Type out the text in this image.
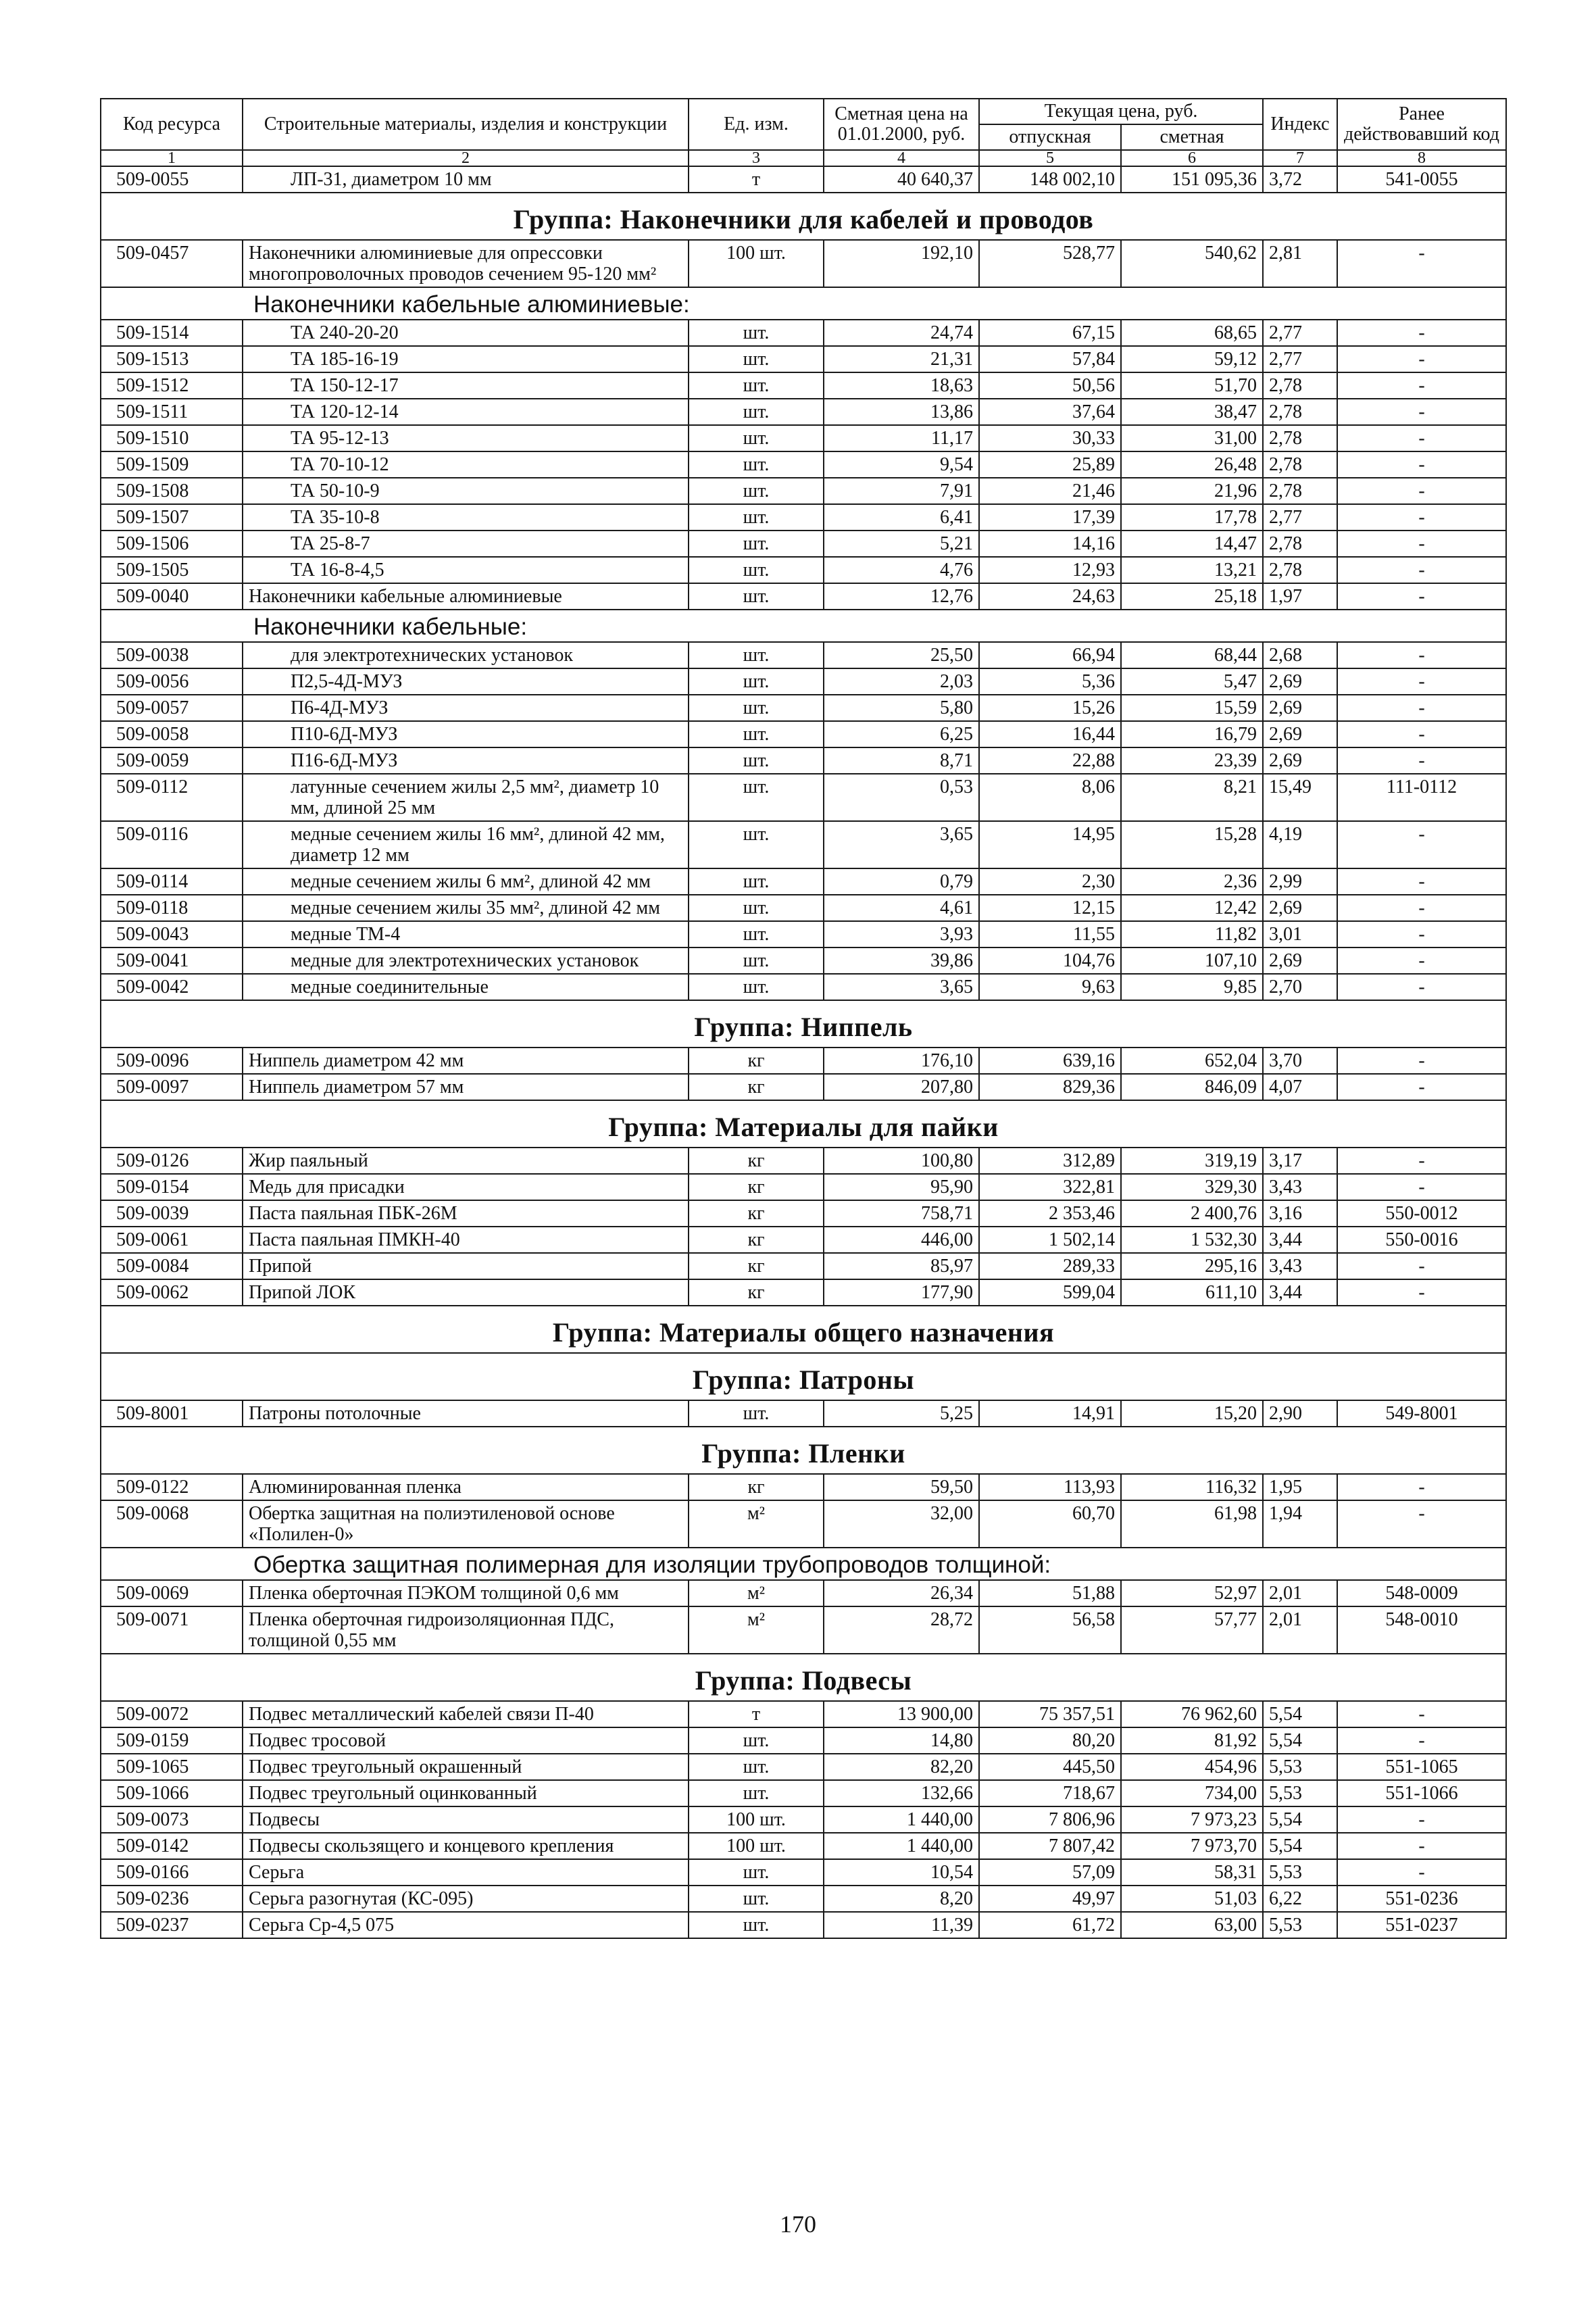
Код ресурса	Строительные материалы, изделия и конструкции	Ед. изм.	Сметная цена на 01.01.2000, руб.	Текущая цена, руб.		Индекс	Ранее действовавший код
				отпускная	сметная		
1	2	3	4	5	6	7	8
509-0055	ЛП-31, диаметром 10 мм	т	40 640,37	148 002,10	151 095,36	3,72	541-0055
Группа: Наконечники для кабелей и проводов							
509-0457	Наконечники алюминиевые для опрессовки многопроволочных проводов сечением 95-120 мм²	100 шт.	192,10	528,77	540,62	2,81	-
Наконечники кабельные алюминиевые:							
509-1514	ТА 240-20-20	шт.	24,74	67,15	68,65	2,77	-
509-1513	ТА 185-16-19	шт.	21,31	57,84	59,12	2,77	-
509-1512	ТА 150-12-17	шт.	18,63	50,56	51,70	2,78	-
509-1511	ТА 120-12-14	шт.	13,86	37,64	38,47	2,78	-
509-1510	ТА 95-12-13	шт.	11,17	30,33	31,00	2,78	-
509-1509	ТА 70-10-12	шт.	9,54	25,89	26,48	2,78	-
509-1508	ТА 50-10-9	шт.	7,91	21,46	21,96	2,78	-
509-1507	ТА 35-10-8	шт.	6,41	17,39	17,78	2,77	-
509-1506	ТА 25-8-7	шт.	5,21	14,16	14,47	2,78	-
509-1505	ТА 16-8-4,5	шт.	4,76	12,93	13,21	2,78	-
509-0040	Наконечники кабельные алюминиевые	шт.	12,76	24,63	25,18	1,97	-
Наконечники кабельные:							
509-0038	для электротехнических установок	шт.	25,50	66,94	68,44	2,68	-
509-0056	П2,5-4Д-МУЗ	шт.	2,03	5,36	5,47	2,69	-
509-0057	П6-4Д-МУЗ	шт.	5,80	15,26	15,59	2,69	-
509-0058	П10-6Д-МУЗ	шт.	6,25	16,44	16,79	2,69	-
509-0059	П16-6Д-МУЗ	шт.	8,71	22,88	23,39	2,69	-
509-0112	латунные сечением жилы 2,5 мм², диаметр 10 мм, длиной 25 мм	шт.	0,53	8,06	8,21	15,49	111-0112
509-0116	медные сечением жилы 16 мм², длиной 42 мм, диаметр 12 мм	шт.	3,65	14,95	15,28	4,19	-
509-0114	медные сечением жилы 6 мм², длиной 42 мм	шт.	0,79	2,30	2,36	2,99	-
509-0118	медные сечением жилы 35 мм², длиной 42 мм	шт.	4,61	12,15	12,42	2,69	-
509-0043	медные ТМ-4	шт.	3,93	11,55	11,82	3,01	-
509-0041	медные для электротехнических установок	шт.	39,86	104,76	107,10	2,69	-
509-0042	медные соединительные	шт.	3,65	9,63	9,85	2,70	-
Группа: Ниппель							
509-0096	Ниппель диаметром 42 мм	кг	176,10	639,16	652,04	3,70	-
509-0097	Ниппель диаметром 57 мм	кг	207,80	829,36	846,09	4,07	-
Группа: Материалы для пайки							
509-0126	Жир паяльный	кг	100,80	312,89	319,19	3,17	-
509-0154	Медь для присадки	кг	95,90	322,81	329,30	3,43	-
509-0039	Паста паяльная ПБК-26М	кг	758,71	2 353,46	2 400,76	3,16	550-0012
509-0061	Паста паяльная ПМКН-40	кг	446,00	1 502,14	1 532,30	3,44	550-0016
509-0084	Припой	кг	85,97	289,33	295,16	3,43	-
509-0062	Припой ЛОК	кг	177,90	599,04	611,10	3,44	-
Группа: Материалы общего назначения							
Группа: Патроны							
509-8001	Патроны потолочные	шт.	5,25	14,91	15,20	2,90	549-8001
Группа: Пленки							
509-0122	Алюминированная пленка	кг	59,50	113,93	116,32	1,95	-
509-0068	Обертка защитная на полиэтиленовой основе «Полилен-0»	м²	32,00	60,70	61,98	1,94	-
Обертка защитная полимерная для изоляции трубопроводов толщиной:							
509-0069	Пленка оберточная ПЭКОМ толщиной 0,6 мм	м²	26,34	51,88	52,97	2,01	548-0009
509-0071	Пленка оберточная гидроизоляционная ПДС, толщиной 0,55 мм	м²	28,72	56,58	57,77	2,01	548-0010
Группа: Подвесы							
509-0072	Подвес металлический кабелей связи П-40	т	13 900,00	75 357,51	76 962,60	5,54	-
509-0159	Подвес тросовой	шт.	14,80	80,20	81,92	5,54	-
509-1065	Подвес треугольный окрашенный	шт.	82,20	445,50	454,96	5,53	551-1065
509-1066	Подвес треугольный оцинкованный	шт.	132,66	718,67	734,00	5,53	551-1066
509-0073	Подвесы	100 шт.	1 440,00	7 806,96	7 973,23	5,54	-
509-0142	Подвесы скользящего и концевого крепления	100 шт.	1 440,00	7 807,42	7 973,70	5,54	-
509-0166	Серьга	шт.	10,54	57,09	58,31	5,53	-
509-0236	Серьга разогнутая (КС-095)	шт.	8,20	49,97	51,03	6,22	551-0236
509-0237	Серьга Ср-4,5 075	шт.	11,39	61,72	63,00	5,53	551-0237
170
